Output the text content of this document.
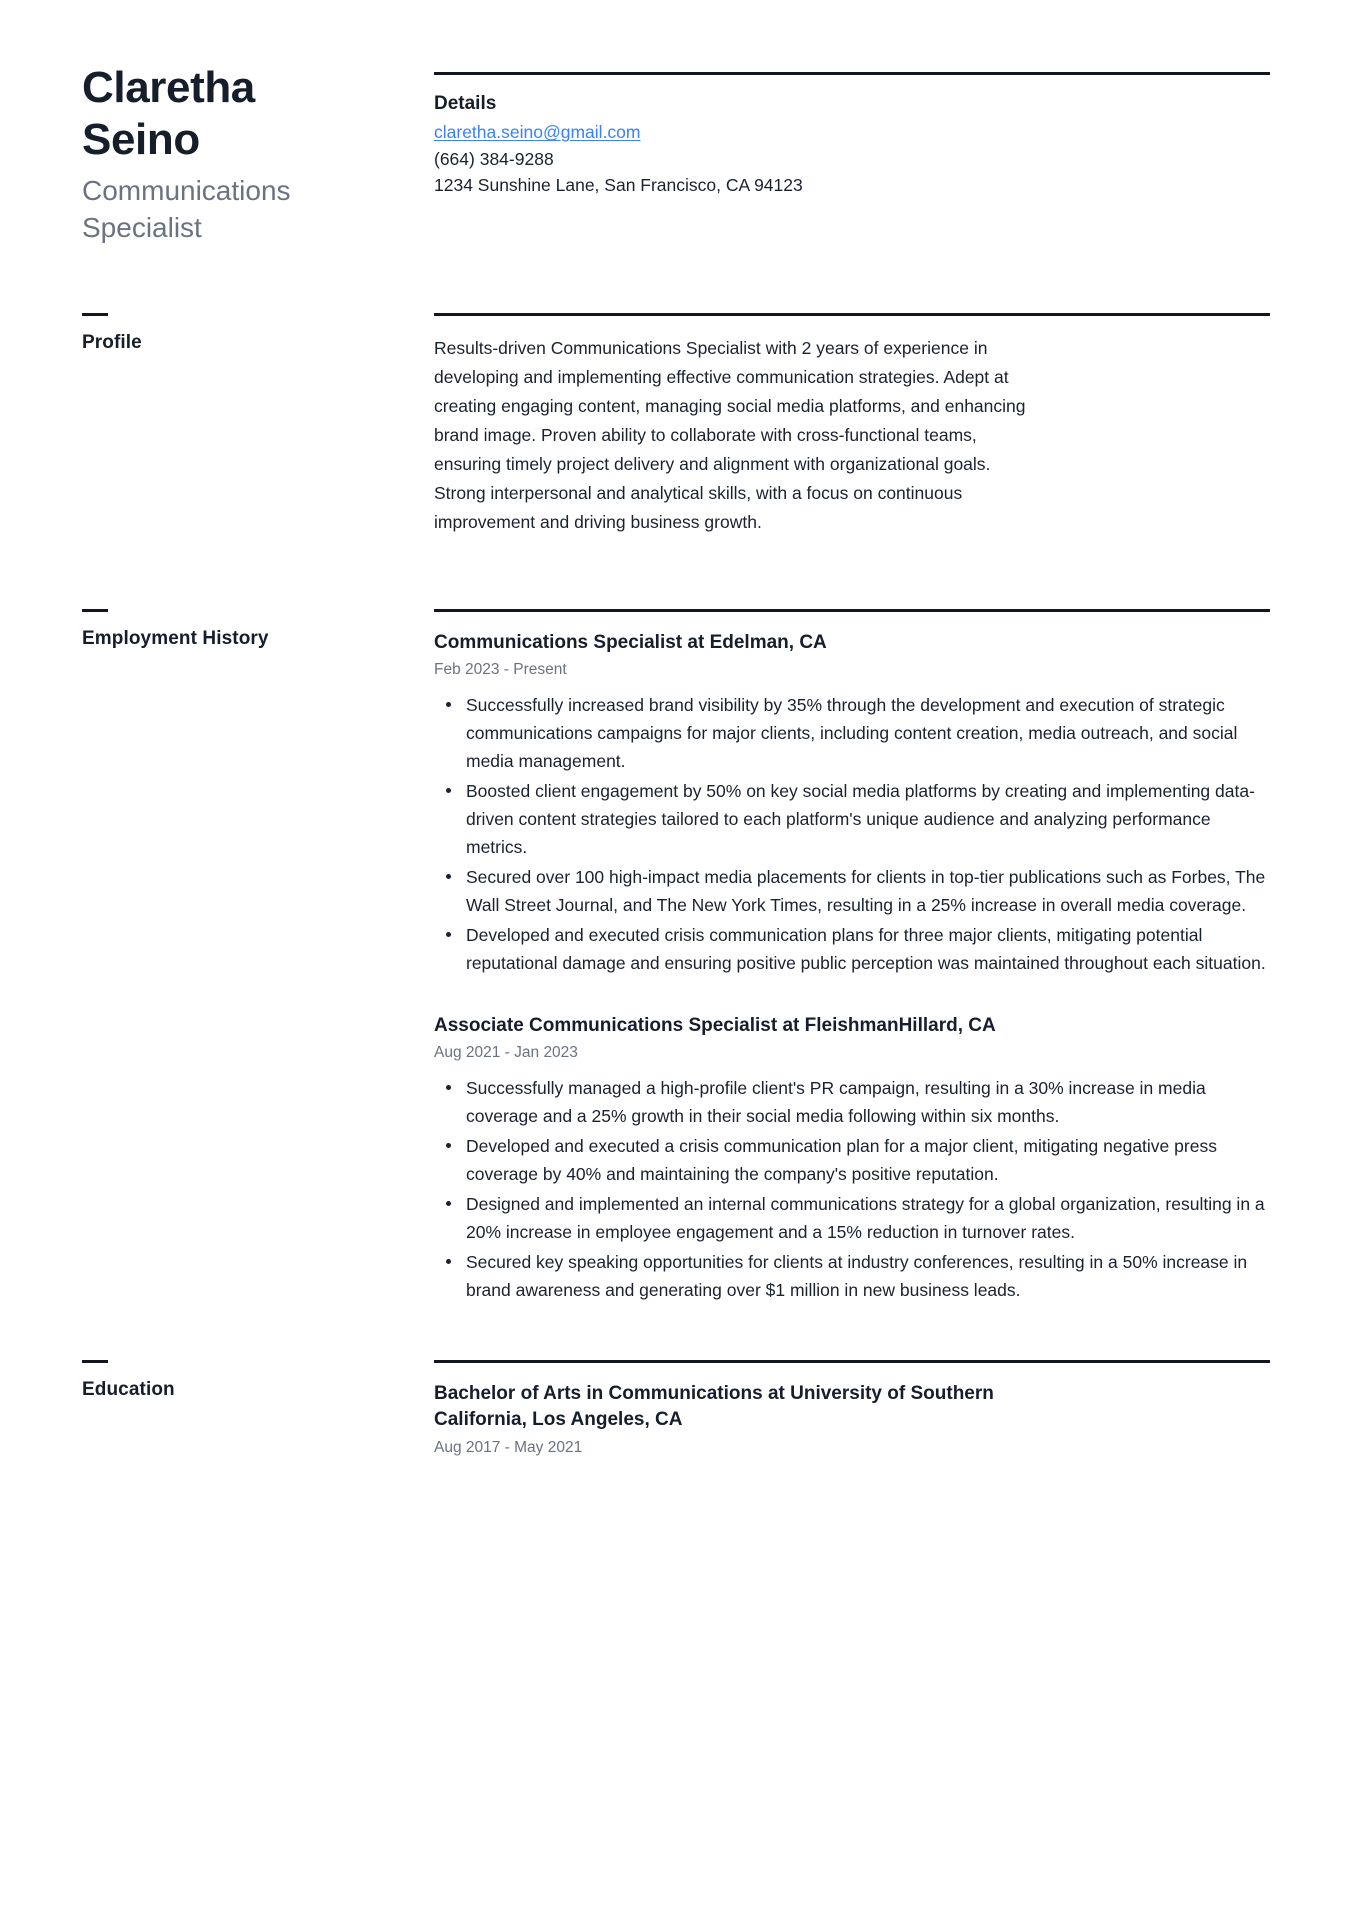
Claretha Seino
Communications Specialist
Details
claretha.seino@gmail.com
(664) 384-9288
1234 Sunshine Lane, San Francisco, CA 94123
Profile	Results-driven Communications Specialist with 2 years of experience in developing and implementing effective communication strategies. Adept at creating engaging content, managing social media platforms, and enhancing brand image. Proven ability to collaborate with cross-functional teams, ensuring timely project delivery and alignment with organizational goals. Strong interpersonal and analytical skills, with a focus on continuous improvement and driving business growth.

Employment History	Communications Specialist at Edelman, CA
Feb 2023 - Present
Successfully increased brand visibility by 35% through the development and execution of strategic communications campaigns for major clients, including content creation, media outreach, and social media management.
Boosted client engagement by 50% on key social media platforms by creating and implementing data-driven content strategies tailored to each platform's unique audience and analyzing performance metrics.
Secured over 100 high-impact media placements for clients in top-tier publications such as Forbes, The Wall Street Journal, and The New York Times, resulting in a 25% increase in overall media coverage.
Developed and executed crisis communication plans for three major clients, mitigating potential reputational damage and ensuring positive public perception was maintained throughout each situation.
Associate Communications Specialist at FleishmanHillard, CA
Aug 2021 - Jan 2023
Successfully managed a high-profile client's PR campaign, resulting in a 30% increase in media coverage and a 25% growth in their social media following within six months.
Developed and executed a crisis communication plan for a major client, mitigating negative press coverage by 40% and maintaining the company's positive reputation.
Designed and implemented an internal communications strategy for a global organization, resulting in a 20% increase in employee engagement and a 15% reduction in turnover rates.
Secured key speaking opportunities for clients at industry conferences, resulting in a 50% increase in brand awareness and generating over $1 million in new business leads.
Education	Bachelor of Arts in Communications at University of Southern California, Los Angeles, CA
Aug 2017 - May 2021
